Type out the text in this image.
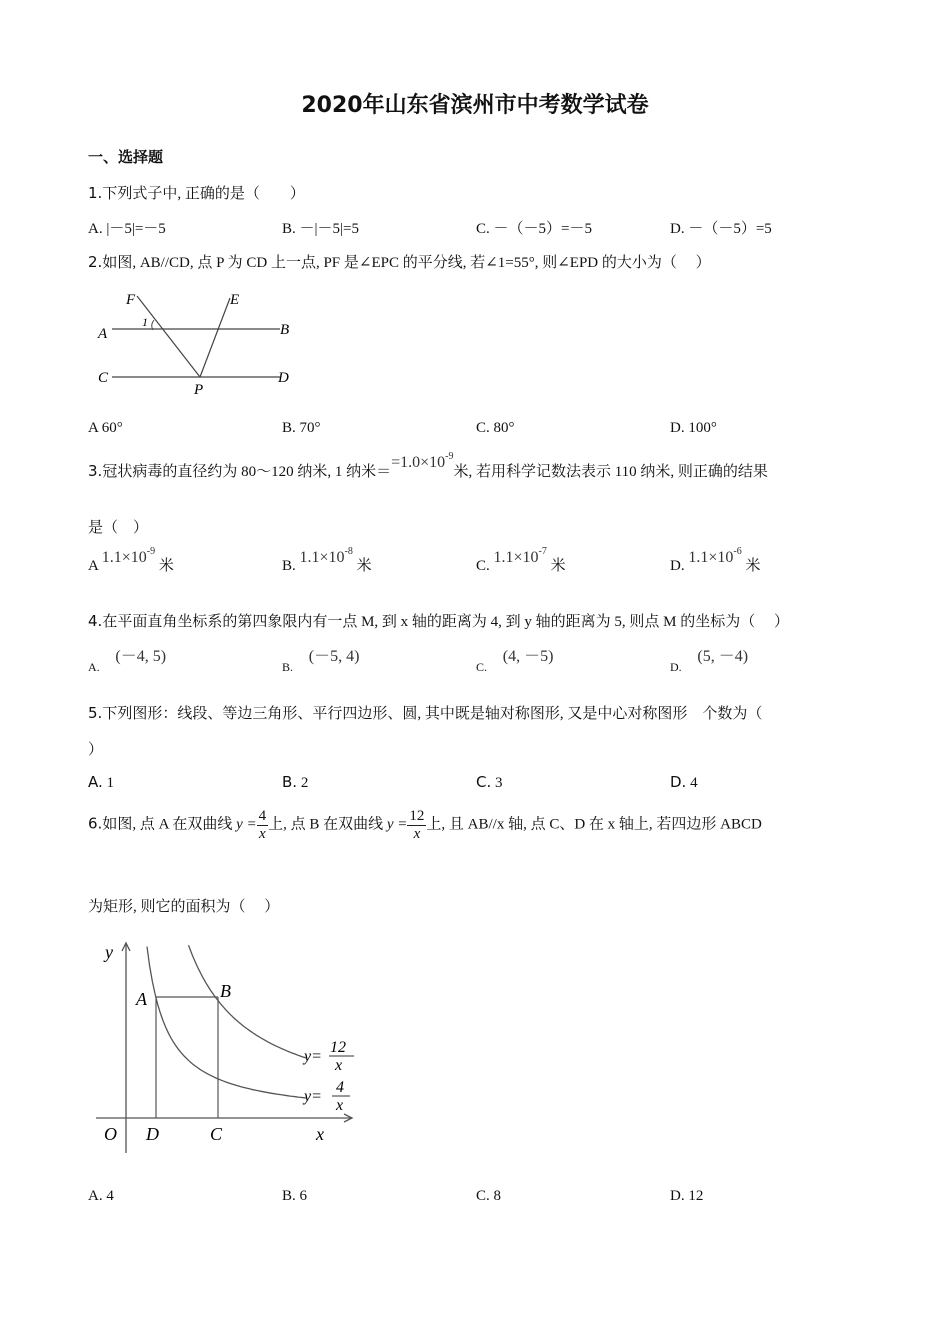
2020年山东省滨州市中考数学试卷
一、选择题
1.下列式子中, 正确的是（　　）
A. |－5|=－5	B. －|－5|=5	C. －（－5）=－5	D. －（－5）=5
2.如图, AB//CD, 点 P 为 CD 上一点, PF 是∠EPC 的平分线, 若∠1=55°, 则∠EPD 的大小为（　 ）
F	E
A	B
C	D
P
1
A 60°	B. 70°	C. 80°	D. 100°
3.冠状病毒的直径约为 80～120 纳米, 1 纳米$==1.0\times 10^{-9}$米, 若用科学记数法表示 110 纳米, 则正确的结果
是（　）
A $1.1\times 10^{-9}$ 米	B. $1.1\times 10^{-8}$ 米	C. $1.1\times 10^{-7}$ 米	D. $1.1\times 10^{-6}$ 米
4.在平面直角坐标系的第四象限内有一点 M, 到 x 轴的距离为 4, 到 y 轴的距离为 5, 则点 M 的坐标为（　 ）
$_{A.}$ (－4, 5)
$_{B.}$ (－5, 4)
$_{C.}$ (4, －5)
$_{D.}$ (5, －4)
5.下列图形：线段、等边三角形、平行四边形、圆, 其中既是轴对称图形, 又是中心对称图形　个数为（
）
A. 1	B. 2	C. 3	D. 4
6.如图, 点 A 在双曲线 $y = \frac{4}{x}$ 上, 点 B 在双曲线 $y = \frac{12}{x}$ 上, 且 AB//x 轴, 点 C、D 在 x 轴上, 若四边形 ABCD
为矩形, 则它的面积为（　 ）
y
x
O D	C
A	B
y=
12
x
y=
4
x
A. 4	B. 6	C. 8	D. 12
